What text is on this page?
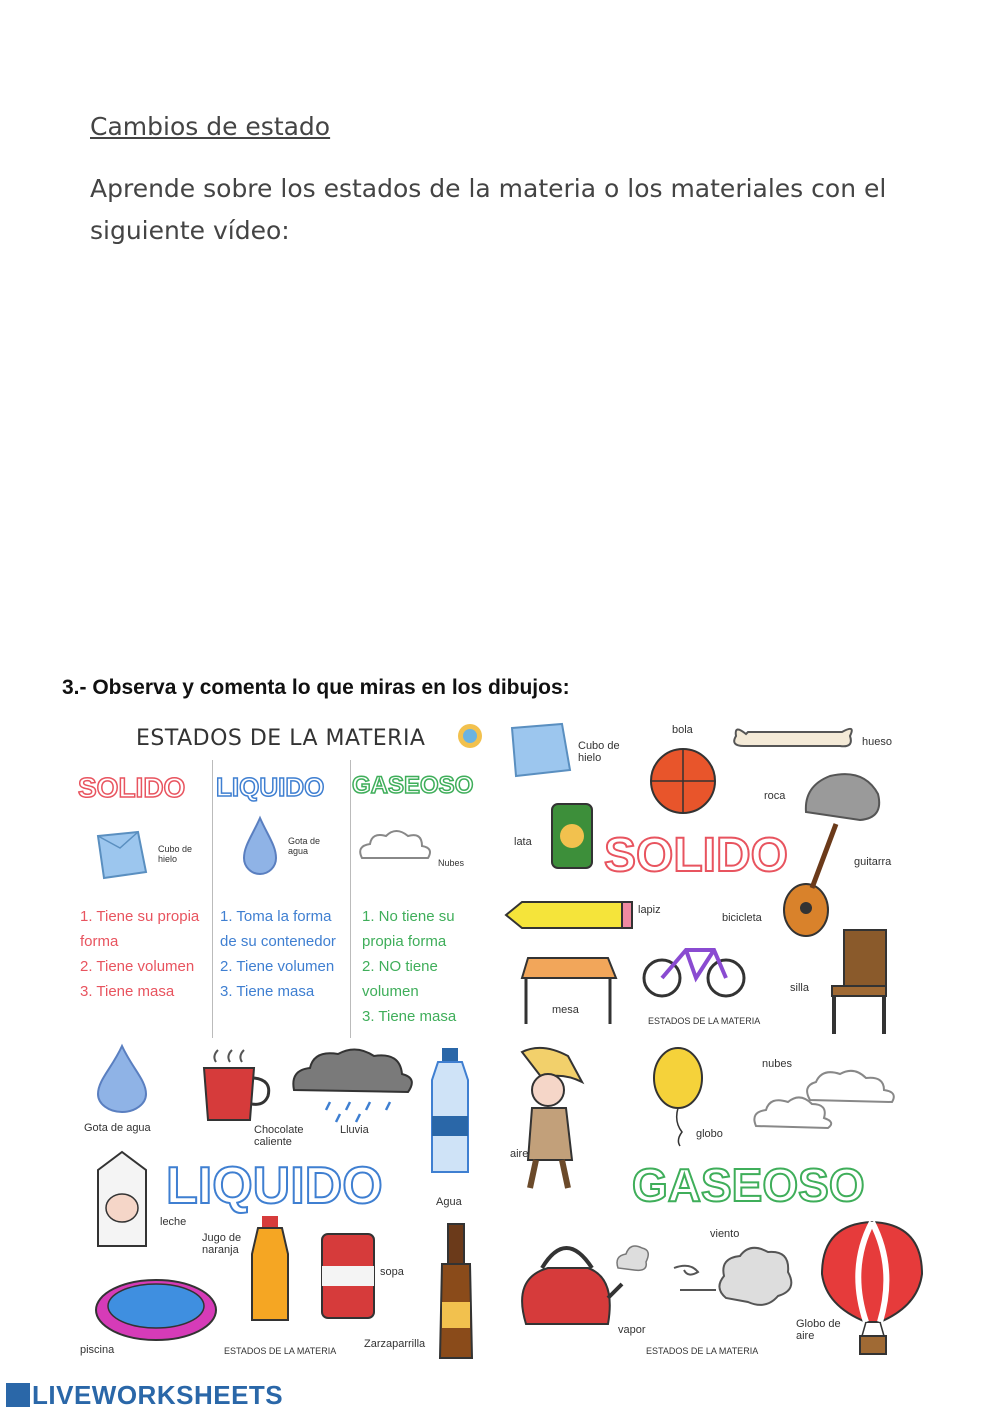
Cambios de estado
Aprende sobre los estados de la materia o los materiales con el siguiente vídeo:
3.- Observa y comenta lo que miras en los dibujos:
ESTADOS DE LA MATERIA
SOLIDO LIQUIDO GASEOSO
Cubo de hielo
Gota de agua
Nubes
1. Tiene su propia forma
2. Tiene volumen
3. Tiene masa
1. Toma la forma de su contenedor
2. Tiene volumen
3. Tiene masa
1. No tiene su propia forma
2. NO tiene volumen
3. Tiene masa
Cubo de hielo
bola
hueso
roca
lata SOLIDO	guitarra
lapiz
bicicleta
mesa
ESTADOS DE LA MATERIA
silla
Gota de agua	Chocolate caliente
Lluvia
Agua
leche
LIQUIDO
Jugo de naranja
sopa
piscina	ESTADOS DE LA MATERIA
Zarzaparrilla
aire
globo
nubes
GASEOSO
viento
vapor
ESTADOS DE LA MATERIA
Globo de aire
LIVEWORKSHEETS
